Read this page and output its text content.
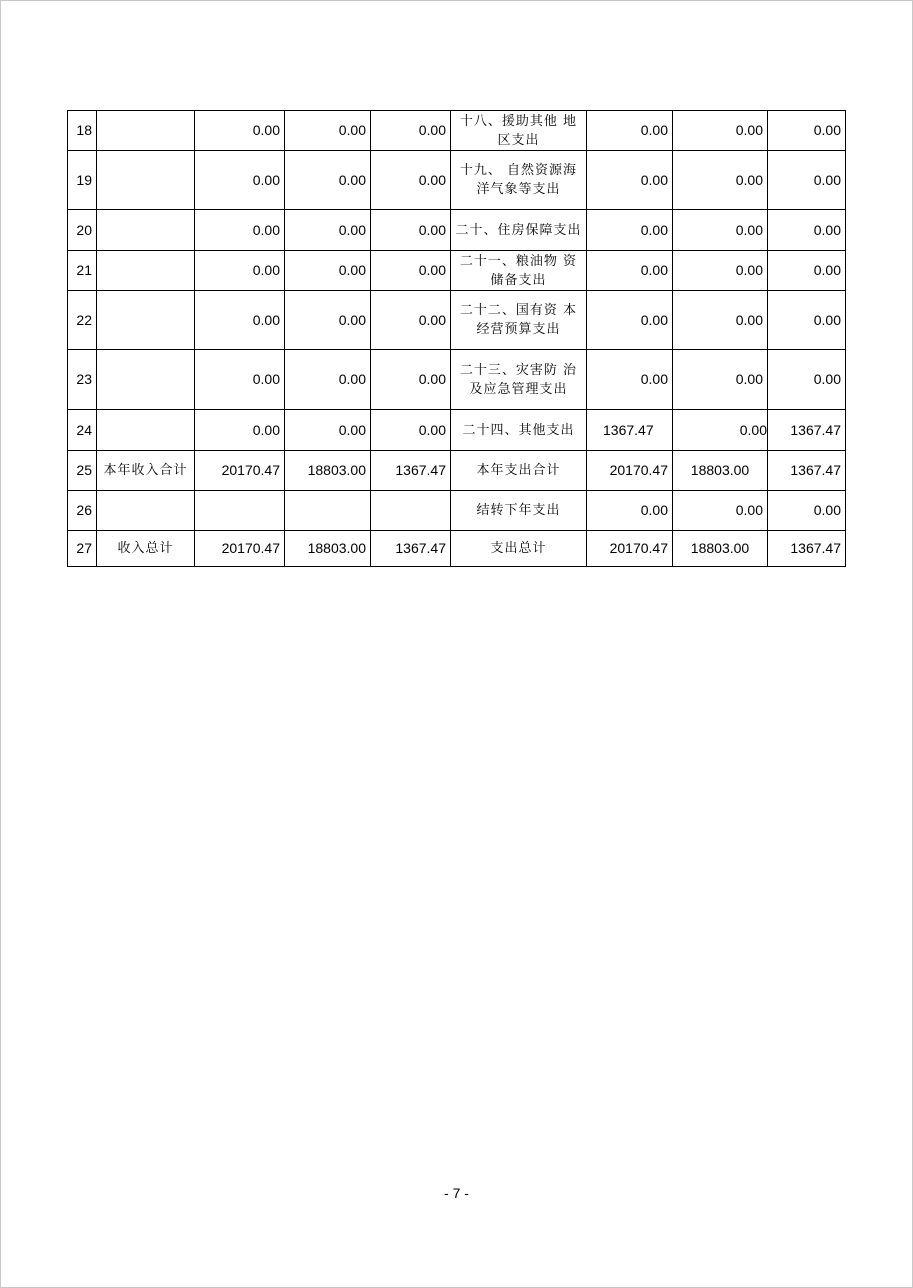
18		0.00	0.00	0.00	十八、援助其他 地区支出	0.00	0.00	0.00
19		0.00	0.00	0.00	十九、 自然资源海洋气象等支出	0.00	0.00	0.00
20		0.00	0.00	0.00	二十、住房保障支出	0.00	0.00	0.00
21		0.00	0.00	0.00	二十一、粮油物 资储备支出	0.00	0.00	0.00
22		0.00	0.00	0.00	二十二、国有资 本经营预算支出	0.00	0.00	0.00
23		0.00	0.00	0.00	二十三、灾害防 治及应急管理支出	0.00	0.00	0.00
24		0.00	0.00	0.00	二十四、其他支出	1367.47	0.00	1367.47
25	本年收入合计	20170.47	18803.00	1367.47	本年支出合计	20170.47	18803.00	1367.47
26					结转下年支出	0.00	0.00	0.00
27	收入总计	20170.47	18803.00	1367.47	支出总计	20170.47	18803.00	1367.47
- 7 -
